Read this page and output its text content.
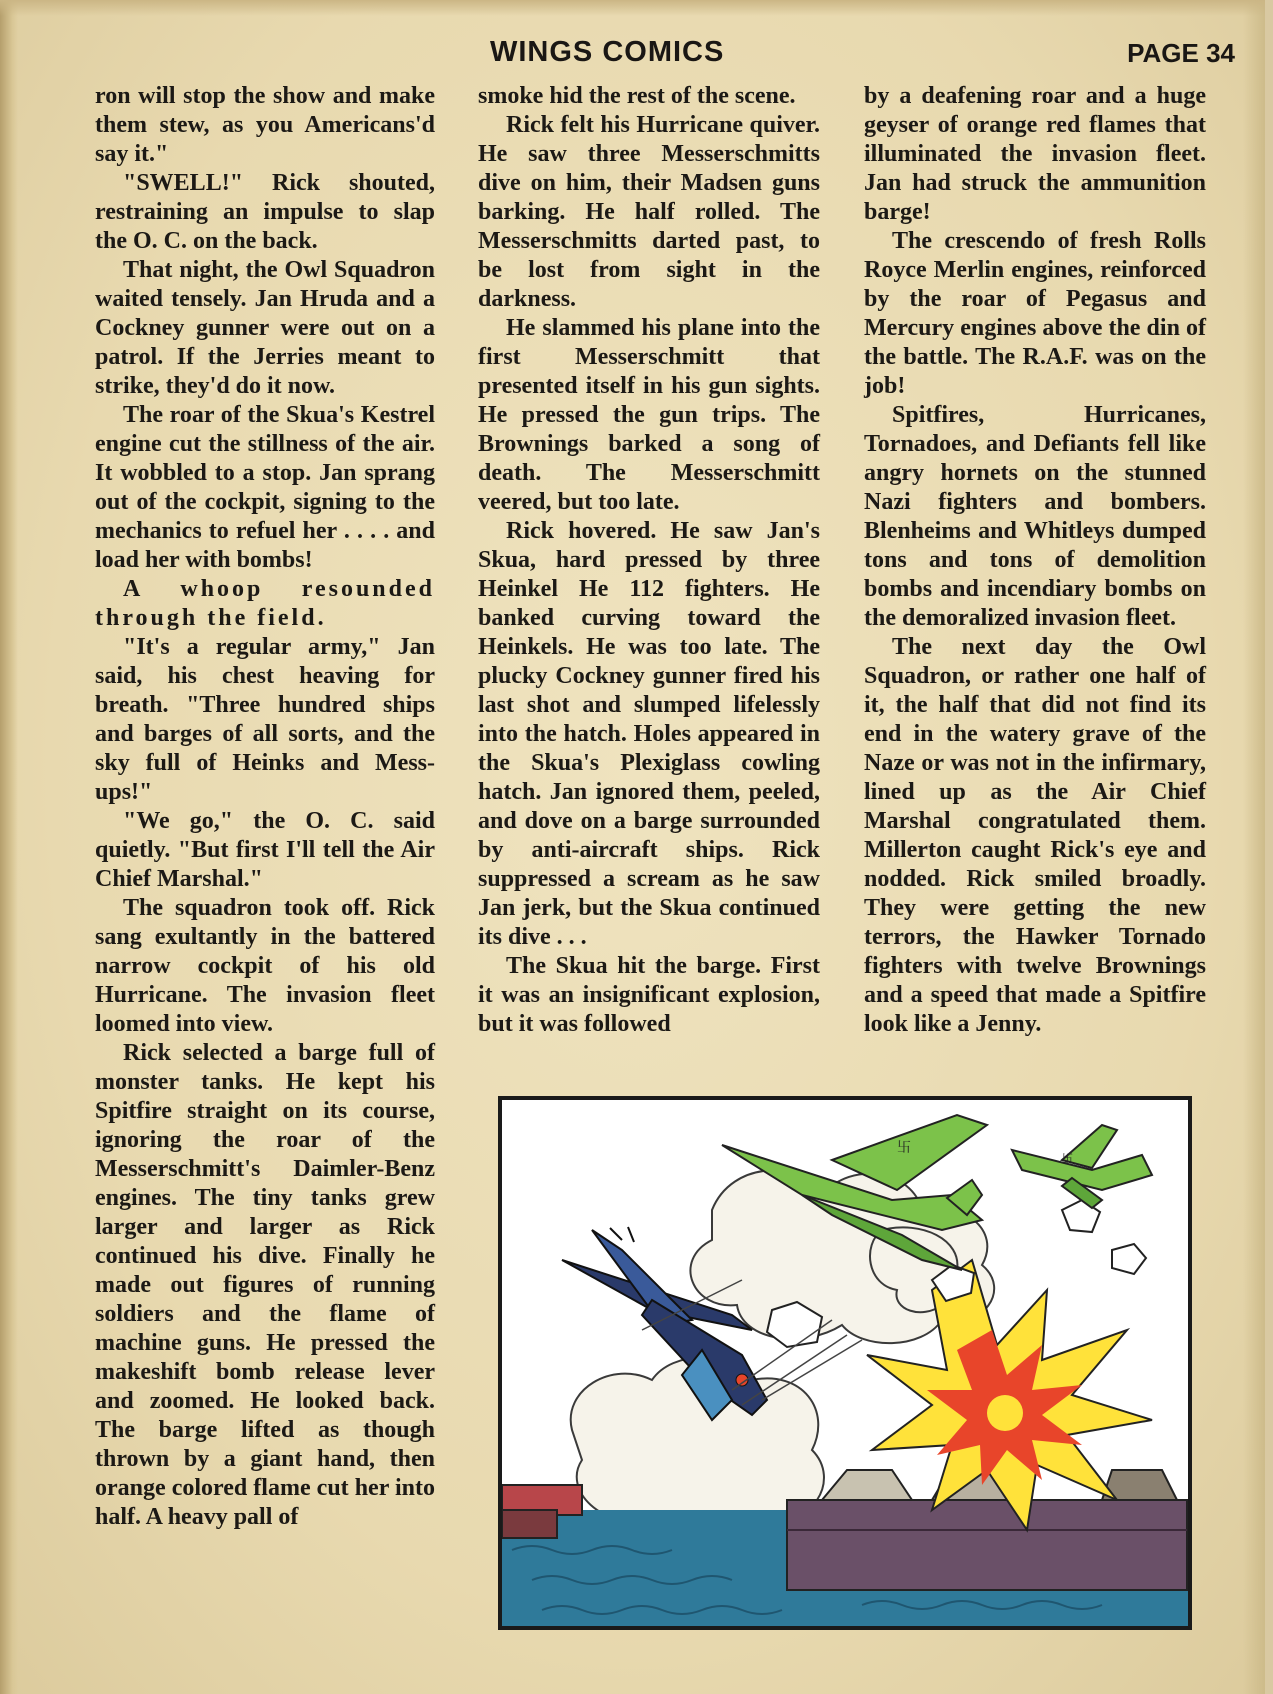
WINGS COMICS	PAGE 34

ron will stop the show and make them stew, as you Americans'd say it."

"SWELL!" Rick shouted, restraining an impulse to slap the O. C. on the back.

That night, the Owl Squadron waited tensely. Jan Hruda and a Cockney gunner were out on a patrol. If the Jerries meant to strike, they'd do it now.

The roar of the Skua's Kestrel engine cut the stillness of the air. It wobbled to a stop. Jan sprang out of the cockpit, signing to the mechanics to refuel her . . . . and load her with bombs!

A whoop resounded through the field.

"It's a regular army," Jan said, his chest heaving for breath. "Three hundred ships and barges of all sorts, and the sky full of Heinks and Mess-ups!"

"We go," the O. C. said quietly. "But first I'll tell the Air Chief Marshal."

The squadron took off. Rick sang exultantly in the battered narrow cockpit of his old Hurricane. The invasion fleet loomed into view.

Rick selected a barge full of monster tanks. He kept his Spitfire straight on its course, ignoring the roar of the Messerschmitt's Daimler-Benz engines. The tiny tanks grew larger and larger as Rick continued his dive. Finally he made out figures of running soldiers and the flame of machine guns. He pressed the makeshift bomb release lever and zoomed. He looked back. The barge lifted as though thrown by a giant hand, then orange colored flame cut her into half. A heavy pall of

smoke hid the rest of the scene.

Rick felt his Hurricane quiver. He saw three Messerschmitts dive on him, their Madsen guns barking. He half rolled. The Messerschmitts darted past, to be lost from sight in the darkness.

He slammed his plane into the first Messerschmitt that presented itself in his gun sights. He pressed the gun trips. The Brownings barked a song of death. The Messerschmitt veered, but too late.

Rick hovered. He saw Jan's Skua, hard pressed by three Heinkel He 112 fighters. He banked curving toward the Heinkels. He was too late. The plucky Cockney gunner fired his last shot and slumped lifelessly into the hatch. Holes appeared in the Skua's Plexiglass cowling hatch. Jan ignored them, peeled, and dove on a barge surrounded by anti-aircraft ships. Rick suppressed a scream as he saw Jan jerk, but the Skua continued its dive . . .

The Skua hit the barge. First it was an insignificant explosion, but it was followed

by a deafening roar and a huge geyser of orange red flames that illuminated the invasion fleet. Jan had struck the ammunition barge!

The crescendo of fresh Rolls Royce Merlin engines, reinforced by the roar of Pegasus and Mercury engines above the din of the battle. The R.A.F. was on the job!

Spitfires, Hurricanes, Tornadoes, and Defiants fell like angry hornets on the stunned Nazi fighters and bombers. Blenheims and Whitleys dumped tons and tons of demolition bombs and incendiary bombs on the demoralized invasion fleet.

The next day the Owl Squadron, or rather one half of it, the half that did not find its end in the watery grave of the Naze or was not in the infirmary, lined up as the Air Chief Marshal congratulated them. Millerton caught Rick's eye and nodded. Rick smiled broadly. They were getting the new terrors, the Hawker Tornado fighters with twelve Brownings and a speed that made a Spitfire look like a Jenny.

卐
卐
